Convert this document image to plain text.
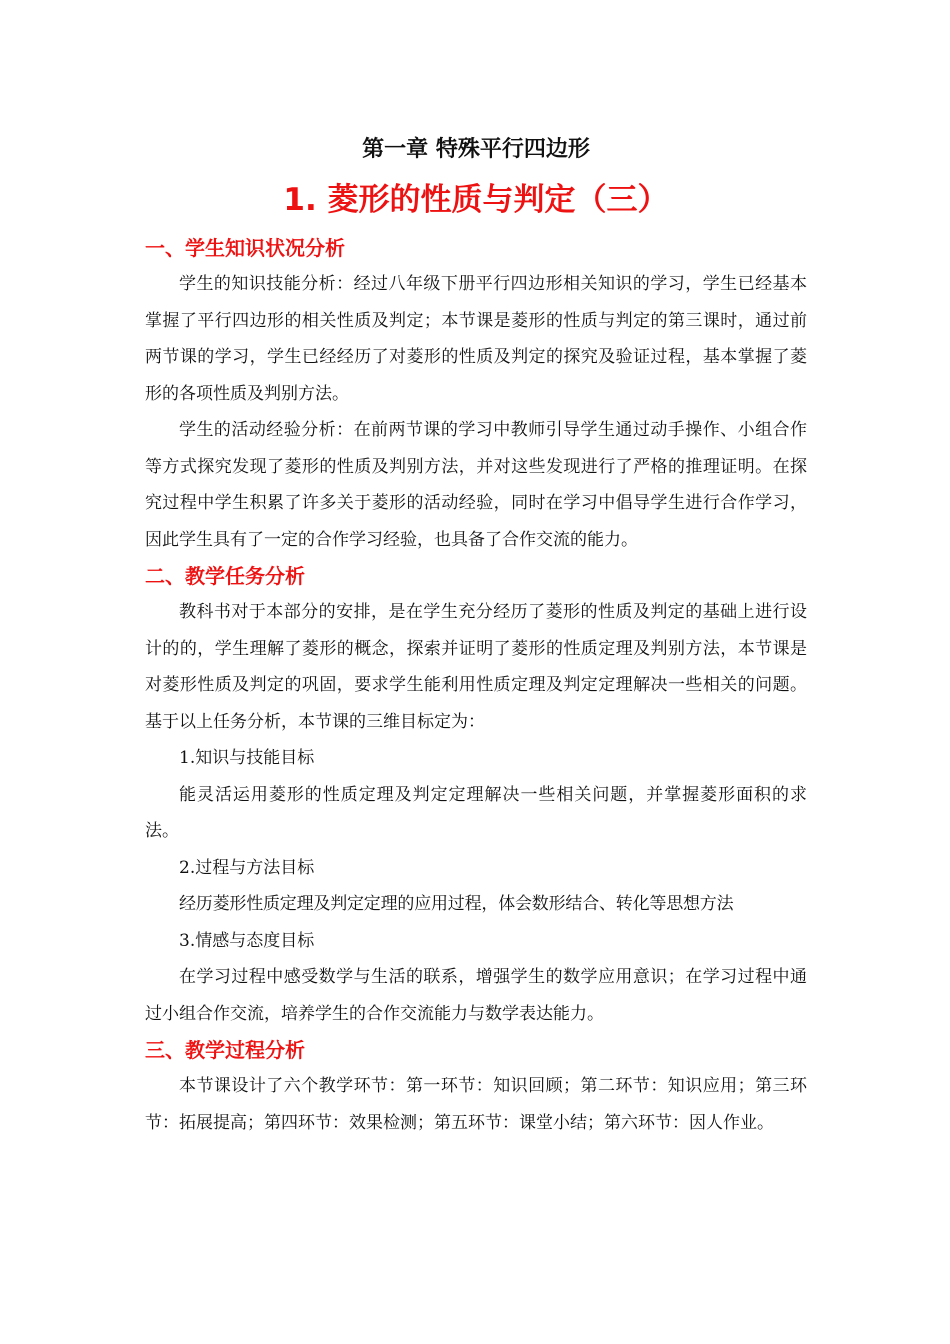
第一章 特殊平行四边形
1. 菱形的性质与判定（三）
一、学生知识状况分析

学生的知识技能分析：经过八年级下册平行四边形相关知识的学习，学生已经基本掌握了平行四边形的相关性质及判定；本节课是菱形的性质与判定的第三课时，通过前两节课的学习，学生已经经历了对菱形的性质及判定的探究及验证过程，基本掌握了菱形的各项性质及判别方法。

学生的活动经验分析：在前两节课的学习中教师引导学生通过动手操作、小组合作等方式探究发现了菱形的性质及判别方法，并对这些发现进行了严格的推理证明。在探究过程中学生积累了许多关于菱形的活动经验，同时在学习中倡导学生进行合作学习，因此学生具有了一定的合作学习经验，也具备了合作交流的能力。

二、教学任务分析

教科书对于本部分的安排，是在学生充分经历了菱形的性质及判定的基础上进行设计的的，学生理解了菱形的概念，探索并证明了菱形的性质定理及判别方法，本节课是对菱形性质及判定的巩固，要求学生能利用性质定理及判定定理解决一些相关的问题。基于以上任务分析，本节课的三维目标定为：

1.知识与技能目标

能灵活运用菱形的性质定理及判定定理解决一些相关问题，并掌握菱形面积的求法。

2.过程与方法目标

经历菱形性质定理及判定定理的应用过程，体会数形结合、转化等思想方法

3.情感与态度目标

在学习过程中感受数学与生活的联系，增强学生的数学应用意识；在学习过程中通过小组合作交流，培养学生的合作交流能力与数学表达能力。

三、教学过程分析

本节课设计了六个教学环节：第一环节：知识回顾；第二环节：知识应用；第三环节：拓展提高；第四环节：效果检测；第五环节：课堂小结；第六环节：因人作业。
